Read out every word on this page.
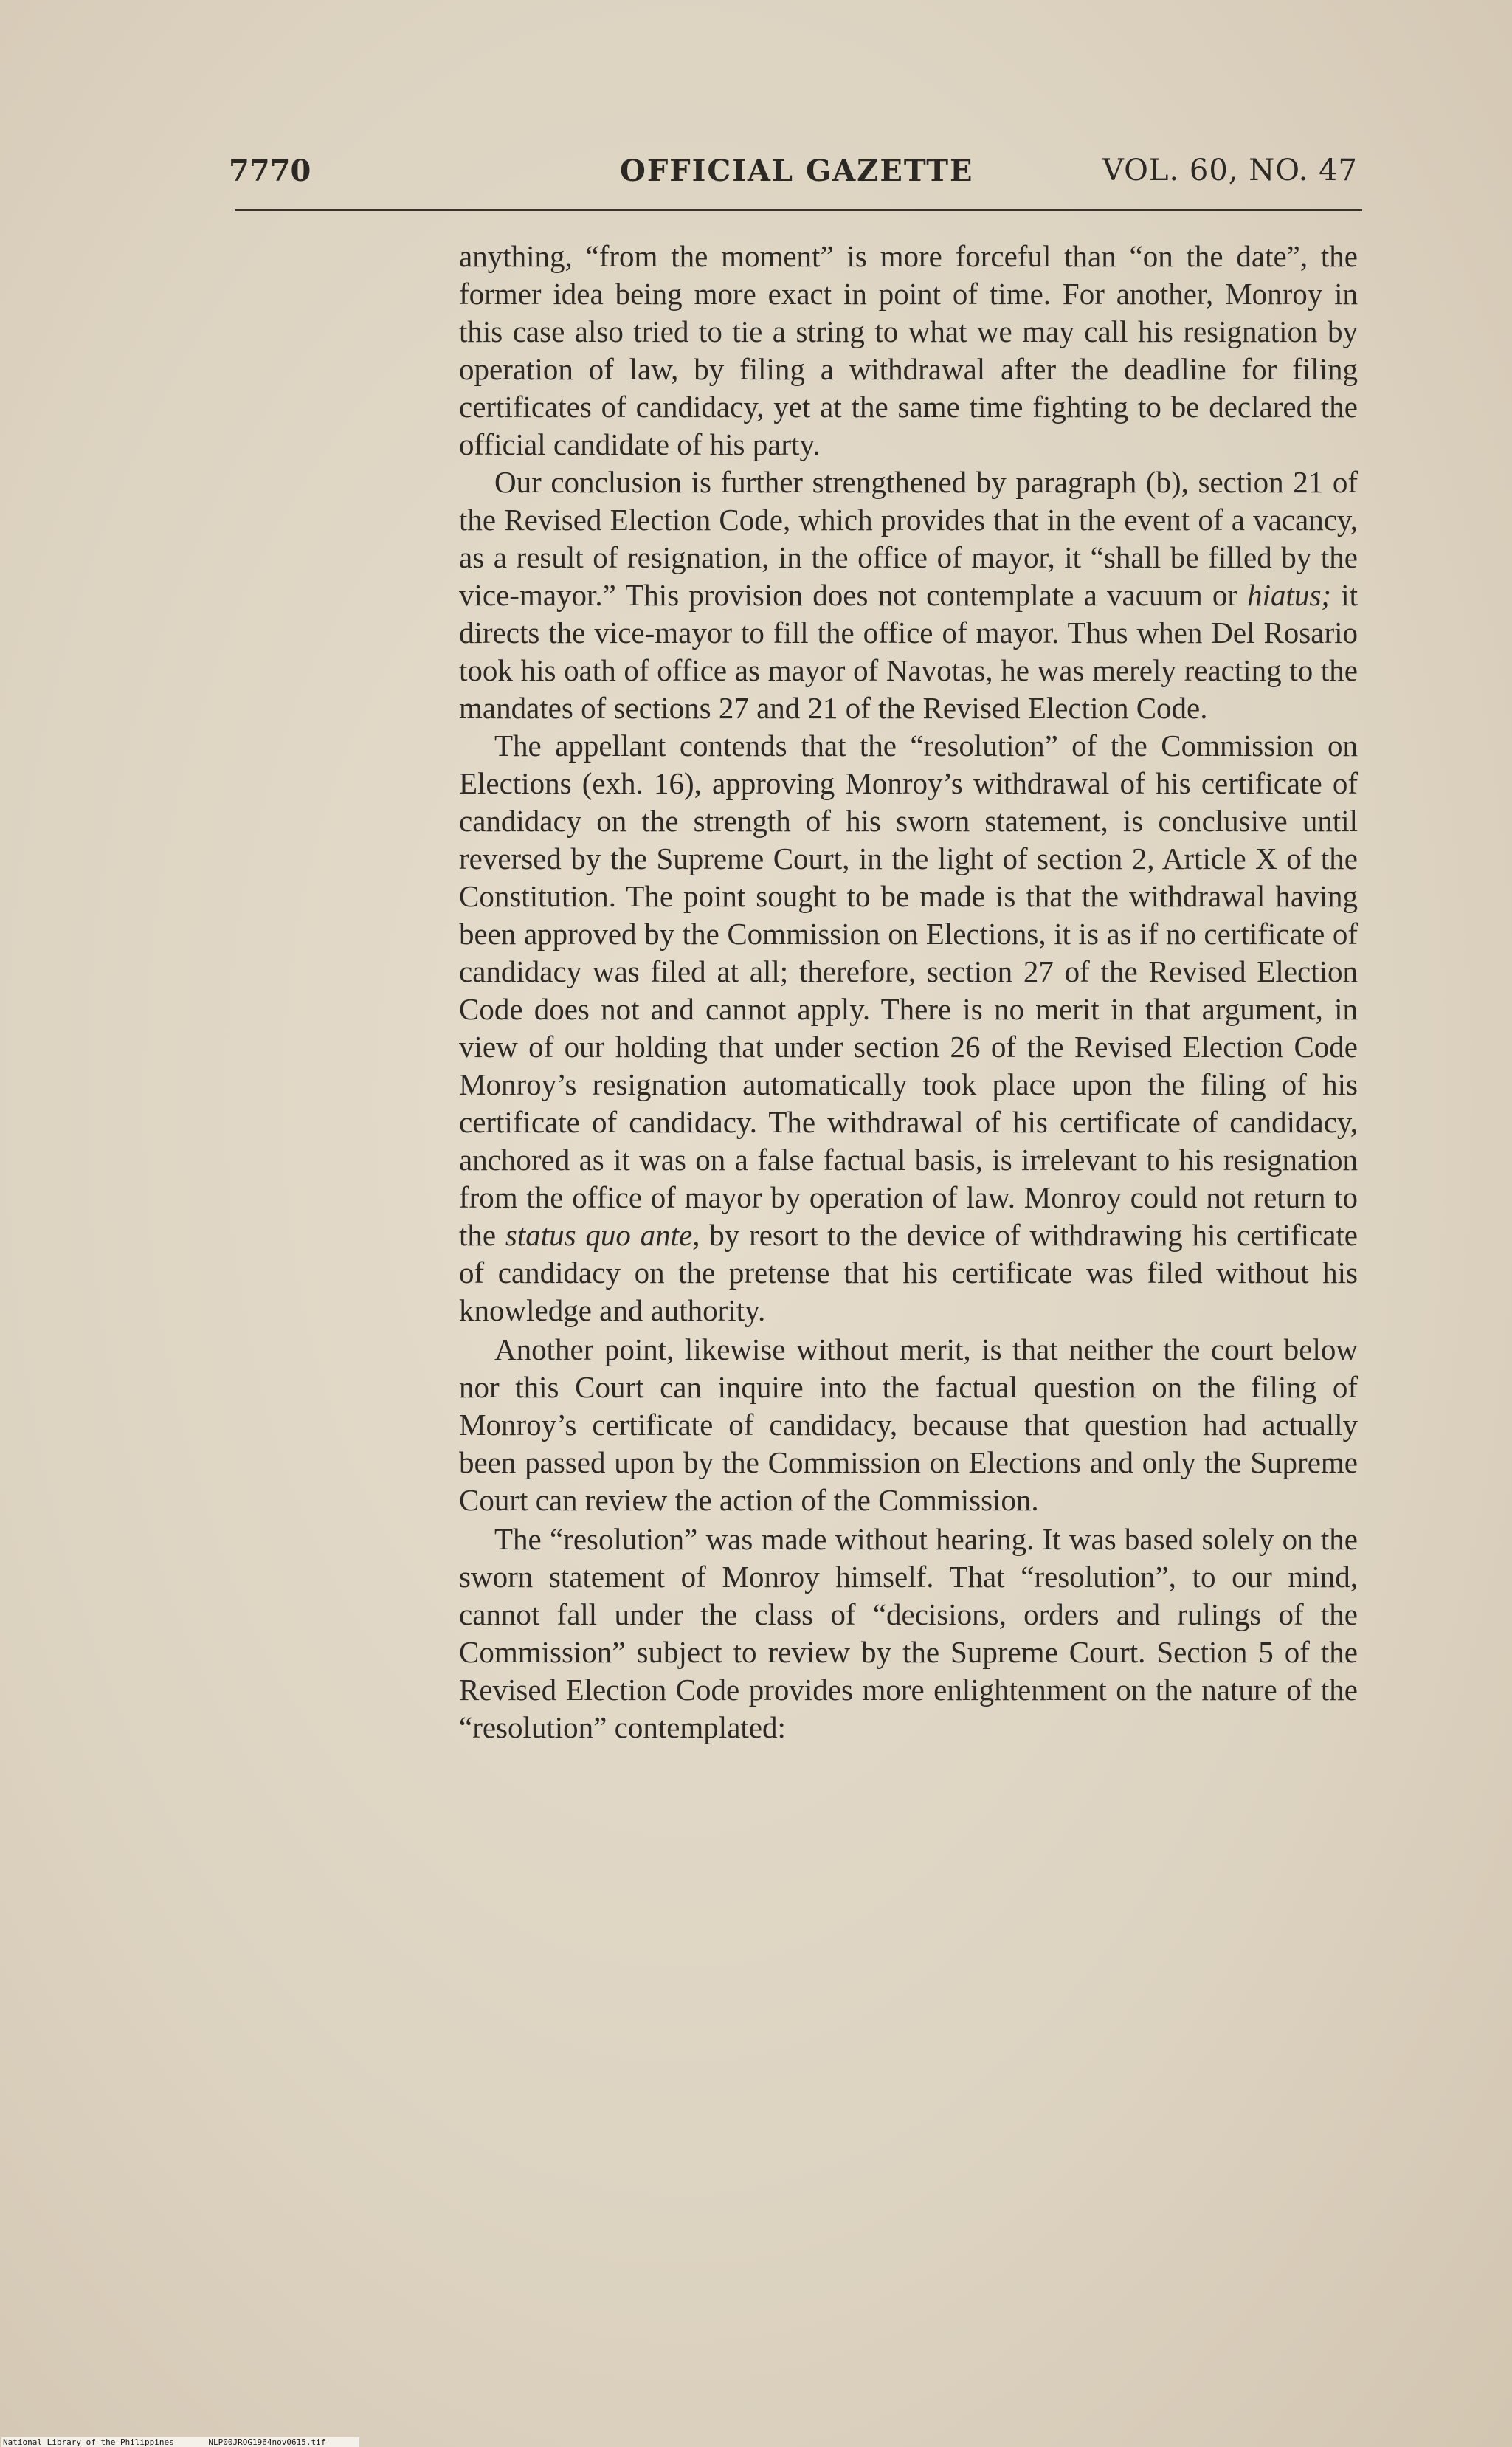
7770	OFFICIAL GAZETTE	VOL. 60, NO. 47

anything, “from the moment” is more forceful than “on the date”, the former idea being more exact in point of time. For another, Monroy in this case also tried to tie a string to what we may call his resignation by operation of law, by filing a withdrawal after the deadline for filing certificates of candidacy, yet at the same time fighting to be declared the official candidate of his party.

Our conclusion is further strengthened by paragraph (b), section 21 of the Revised Election Code, which provides that in the event of a vacancy, as a result of resignation, in the office of mayor, it “shall be filled by the vice-mayor.” This provision does not contemplate a vacuum or hiatus; it directs the vice-mayor to fill the office of mayor. Thus when Del Rosario took his oath of office as mayor of Navotas, he was merely reacting to the mandates of sections 27 and 21 of the Revised Election Code.

The appellant contends that the “resolution” of the Commission on Elections (exh. 16), approving Monroy’s withdrawal of his certificate of candidacy on the strength of his sworn statement, is conclusive until reversed by the Supreme Court, in the light of section 2, Article X of the Constitution. The point sought to be made is that the withdrawal having been approved by the Commission on Elections, it is as if no certificate of candidacy was filed at all; therefore, section 27 of the Revised Election Code does not and cannot apply. There is no merit in that argument, in view of our holding that under section 26 of the Revised Election Code Monroy’s resignation automatically took place upon the filing of his certificate of candidacy. The withdrawal of his certificate of candidacy, anchored as it was on a false factual basis, is irrelevant to his resignation from the office of mayor by operation of law. Monroy could not return to the status quo ante, by resort to the device of withdrawing his certificate of candidacy on the pretense that his certificate was filed without his knowledge and authority.

Another point, likewise without merit, is that neither the court below nor this Court can inquire into the factual question on the filing of Monroy’s certificate of candidacy, because that question had actually been passed upon by the Commission on Elections and only the Supreme Court can review the action of the Commission.

The “resolution” was made without hearing. It was based solely on the sworn statement of Monroy himself. That “resolution”, to our mind, cannot fall under the class of “decisions, orders and rulings of the Commission” subject to review by the Supreme Court. Section 5 of the Revised Election Code provides more enlightenment on the nature of the “resolution” contemplated:

National Library of the Philippines	NLP00JROG1964nov0615.tif
